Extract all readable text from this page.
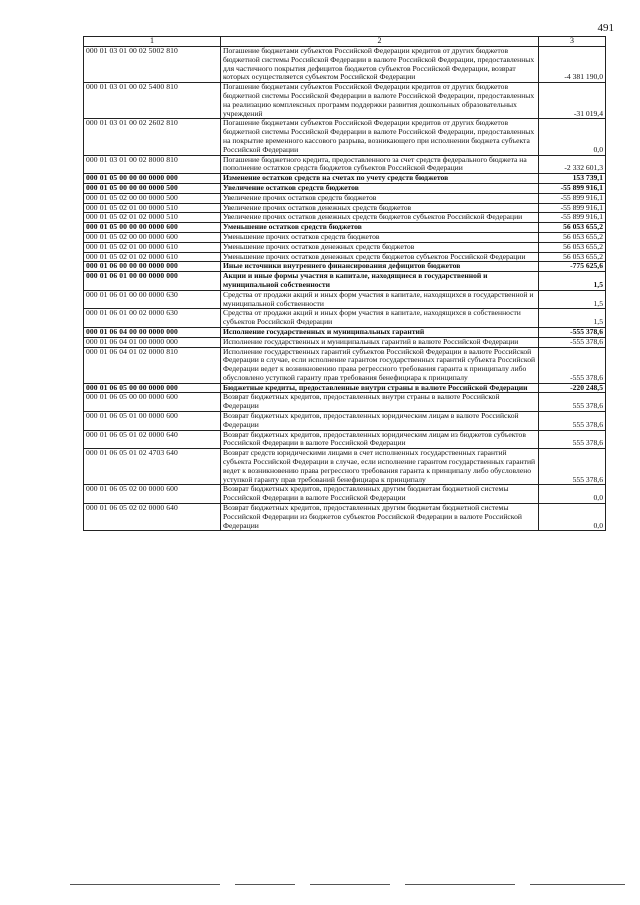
491
1	2	3
000 01 03 01 00 02 5002 810	Погашение бюджетами субъектов Российской Федерации кредитов от других бюджетов бюджетной системы Российской Федерации в валюте Российской Федерации, предоставленных для частичного покрытия дефицитов бюджетов субъектов Российской Федерации, возврат которых осуществляется субъектом Российской Федерации	-4 381 190,0
000 01 03 01 00 02 5400 810	Погашение бюджетами субъектов Российской Федерации кредитов от других бюджетов бюджетной системы Российской Федерации в валюте Российской Федерации, предоставленных на реализацию комплексных программ поддержки развития дошкольных образовательных учреждений	-31 019,4
000 01 03 01 00 02 2602 810	Погашение бюджетами субъектов Российской Федерации кредитов от других бюджетов бюджетной системы Российской Федерации в валюте Российской Федерации, предоставленных на покрытие временного кассового разрыва, возникающего при исполнении бюджета субъекта Российской Федерации	0,0
000 01 03 01 00 02 8000 810	Погашение бюджетного кредита, предоставленного за счет средств федерального бюджета на пополнение остатков средств бюджетов субъектов Российской Федерации	-2 332 601,3
000 01 05 00 00 00 0000 000	Изменение остатков средств на счетах по учету средств бюджетов	153 739,1
000 01 05 00 00 00 0000 500	Увеличение остатков средств бюджетов	-55 899 916,1
000 01 05 02 00 00 0000 500	Увеличение прочих остатков средств бюджетов	-55 899 916,1
000 01 05 02 01 00 0000 510	Увеличение прочих остатков денежных средств бюджетов	-55 899 916,1
000 01 05 02 01 02 0000 510	Увеличение прочих остатков денежных средств бюджетов субъектов Российской Федерации	-55 899 916,1
000 01 05 00 00 00 0000 600	Уменьшение остатков средств бюджетов	56 053 655,2
000 01 05 02 00 00 0000 600	Уменьшение прочих остатков средств бюджетов	56 053 655,2
000 01 05 02 01 00 0000 610	Уменьшение прочих остатков денежных средств бюджетов	56 053 655,2
000 01 05 02 01 02 0000 610	Уменьшение прочих остатков денежных средств бюджетов субъектов Российской Федерации	56 053 655,2
000 01 06 00 00 00 0000 000	Иные источники внутреннего финансирования дефицитов бюджетов	-775 625,6
000 01 06 01 00 00 0000 000	Акции и иные формы участия в капитале, находящиеся в государственной и муниципальной собственности	1,5
000 01 06 01 00 00 0000 630	Средства от продажи акций и иных форм участия в капитале, находящихся в государственной и муниципальной собственности	1,5
000 01 06 01 00 02 0000 630	Средства от продажи акций и иных форм участия в капитале, находящихся в собственности субъектов Российской Федерации	1,5
000 01 06 04 00 00 0000 000	Исполнение государственных и муниципальных гарантий	-555 378,6
000 01 06 04 01 00 0000 000	Исполнение государственных и муниципальных гарантий в валюте Российской Федерации	-555 378,6
000 01 06 04 01 02 0000 810	Исполнение государственных гарантий субъектов Российской Федерации в валюте Российской Федерации в случае, если исполнение гарантом государственных гарантий субъекта Российской Федерации ведет к возникновению права регрессного требования гаранта к принципалу либо обусловлено уступкой гаранту прав требования бенефициара к принципалу	-555 378,6
000 01 06 05 00 00 0000 000	Бюджетные кредиты, предоставленные внутри страны в валюте Российской Федерации	-220 248,5
000 01 06 05 00 00 0000 600	Возврат бюджетных кредитов, предоставленных внутри страны в валюте Российской Федерации	555 378,6
000 01 06 05 01 00 0000 600	Возврат бюджетных кредитов, предоставленных юридическим лицам в валюте Российской Федерации	555 378,6
000 01 06 05 01 02 0000 640	Возврат бюджетных кредитов, предоставленных юридическим лицам из бюджетов субъектов Российской Федерации в валюте Российской Федерации	555 378,6
000 01 06 05 01 02 4703 640	Возврат средств юридическими лицами в счет исполненных государственных гарантий субъекта Российской Федерации в случае, если исполнение гарантом государственных гарантий ведет к возникновению права регрессного требования гаранта к принципалу либо обусловлено уступкой гаранту прав требований бенефициара к принципалу	555 378,6
000 01 06 05 02 00 0000 600	Возврат бюджетных кредитов, предоставленных другим бюджетам бюджетной системы Российской Федерации в валюте Российской Федерации	0,0
000 01 06 05 02 02 0000 640	Возврат бюджетных кредитов, предоставленных другим бюджетам бюджетной системы Российской Федерации из бюджетов субъектов Российской Федерации в валюте Российской Федерации	0,0
